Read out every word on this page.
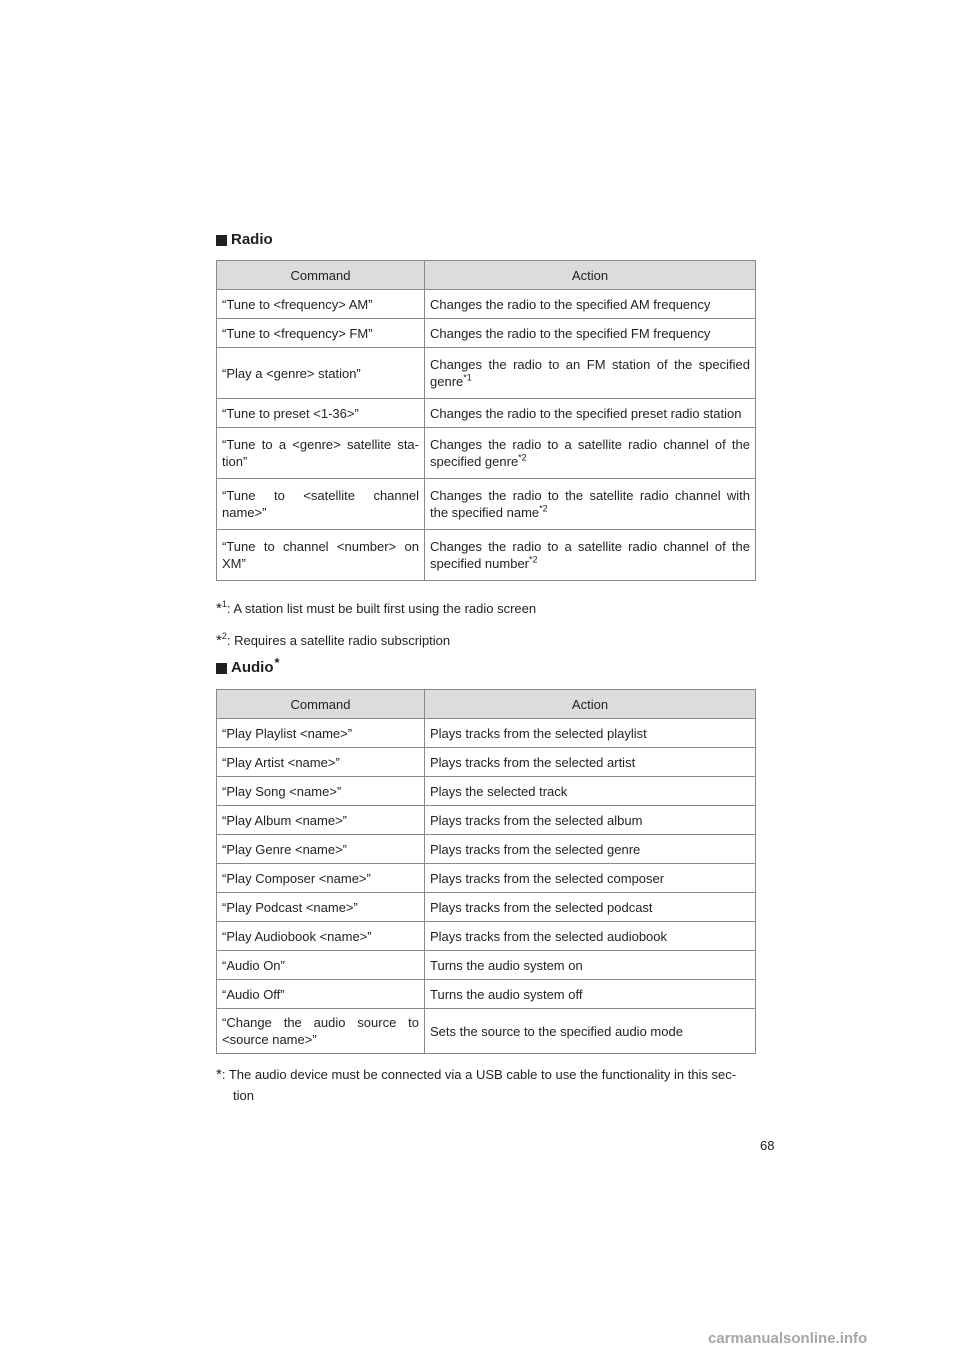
Radio
Command	Action
“Tune to <frequency> AM”	Changes the radio to the specified AM frequency
“Tune to <frequency> FM”	Changes the radio to the specified FM frequency
“Play a <genre> station”	Changes the radio to an FM station of the specified genre$^{*1}$
“Tune to preset <1-36>”	Changes the radio to the specified preset radio station
“Tune to a <genre> satellite sta-tion”	Changes the radio to a satellite radio channel of the specified genre$^{*2}$
“Tune to <satellite channel name>”	Changes the radio to the satellite radio channel with the specified name$^{*2}$
“Tune to channel <number> on XM”	Changes the radio to a satellite radio channel of the specified number$^{*2}$
*$^1$: A station list must be built first using the radio screen
*$^2$: Requires a satellite radio subscription
Audio*
Command	Action
“Play Playlist <name>”	Plays tracks from the selected playlist
“Play Artist <name>”	Plays tracks from the selected artist
“Play Song <name>”	Plays the selected track
“Play Album <name>”	Plays tracks from the selected album
“Play Genre <name>”	Plays tracks from the selected genre
“Play Composer <name>”	Plays tracks from the selected composer
“Play Podcast <name>”	Plays tracks from the selected podcast
“Play Audiobook <name>”	Plays tracks from the selected audiobook
“Audio On”	Turns the audio system on
“Audio Off”	Turns the audio system off
“Change the audio source to <source name>”	Sets the source to the specified audio mode
*: The audio device must be connected via a USB cable to use the functionality in this sec-
tion
68
carmanualsonline.info
